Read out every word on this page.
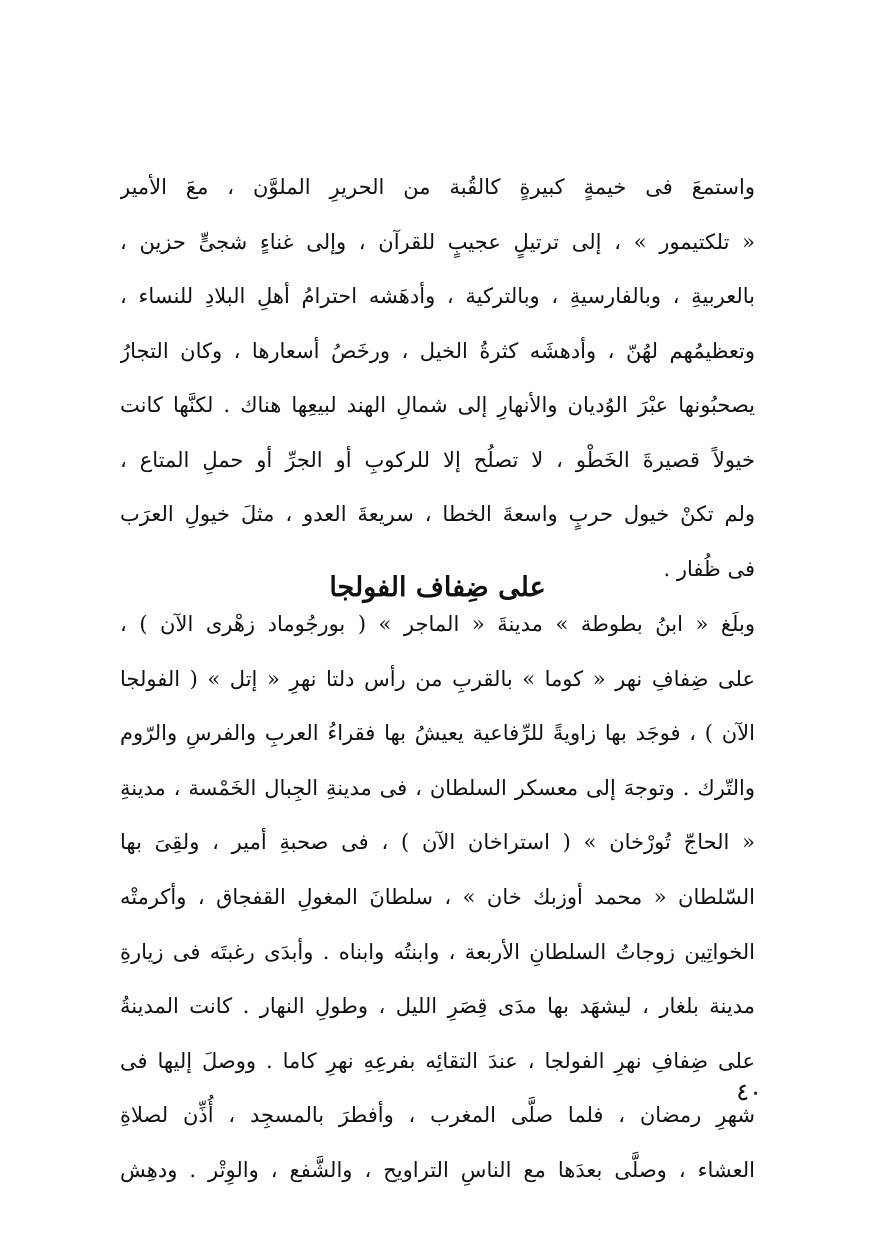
واستمعَ فى خيمةٍ كبيرةٍ كالقُبة من الحريرِ الملوَّن ، معَ الأمير
« تلكتيمور » ، إلى ترتيلٍ عجيبٍ للقرآن ، وإلى غناءٍ شجىٍّ حزين ،
بالعربيةِ ، وبالفارسيةِ ، وبالتركية ، وأدهَشه احترامُ أهلِ البلادِ للنساء ،
وتعظيمُهم لهُنّ ، وأدهشَه كثرةُ الخيل ، ورخَصُ أسعارها ، وكان التجارُ
يصحبُونها عبْرَ الوُديان والأنهارِ إلى شمالِ الهند لبيعِها هناك . لكنَّها كانت
خيولاً قصيرةَ الخَطْو ، لا تصلُح إلا للركوبِ أو الجرِّ أو حملِ المتاع ،
ولم تكنْ خيول حربٍ واسعةَ الخطا ، سريعةَ العدو ، مثلَ خيولِ العرَب
فى ظُفار .
على ضِفاف الفولجا
وبلَغ « ابنُ بطوطة » مدينةَ « الماجر » ( بورجُوماد زهْرى الآن ) ،
على ضِفافِ نهر « كوما » بالقربِ من رأس دلتا نهرِ « إتل » ( الفولجا
الآن ) ، فوجَد بها زاويةً للرِّفاعية يعيشُ بها فقراءُ العربِ والفرسِ والرّوم
والتّرك . وتوجهَ إلى معسكر السلطان ، فى مدينةِ الجِبال الخَمْسة ، مدينةِ
« الحاجّ تُورْخان » ( استراخان الآن ) ، فى صحبةِ أمير ، ولقِىَ بها
السّلطان « محمد أوزبك خان » ، سلطانَ المغولِ القفجاق ، وأكرمتْه
الخواتِين زوجاتُ السلطانِ الأربعة ، وابنتُه وابناه . وأبدَى رغبتَه فى زيارةِ
مدينة بلغار ، ليشهَد بها مدَى قِصَرِ الليل ، وطولِ النهار . كانت المدينةُ
على ضِفافِ نهرِ الفولجا ، عندَ التقائِه بفرعِهِ نهرِ كاما . ووصلَ إليها فى
شهرِ رمضان ، فلما صلَّى المغرب ، وأفطرَ بالمسجِد ، أُذِّن لصلاةِ
العشاء ، وصلَّى بعدَها مع الناسِ التراويح ، والشَّفع ، والوِتْر . ودهِش
٤٠
